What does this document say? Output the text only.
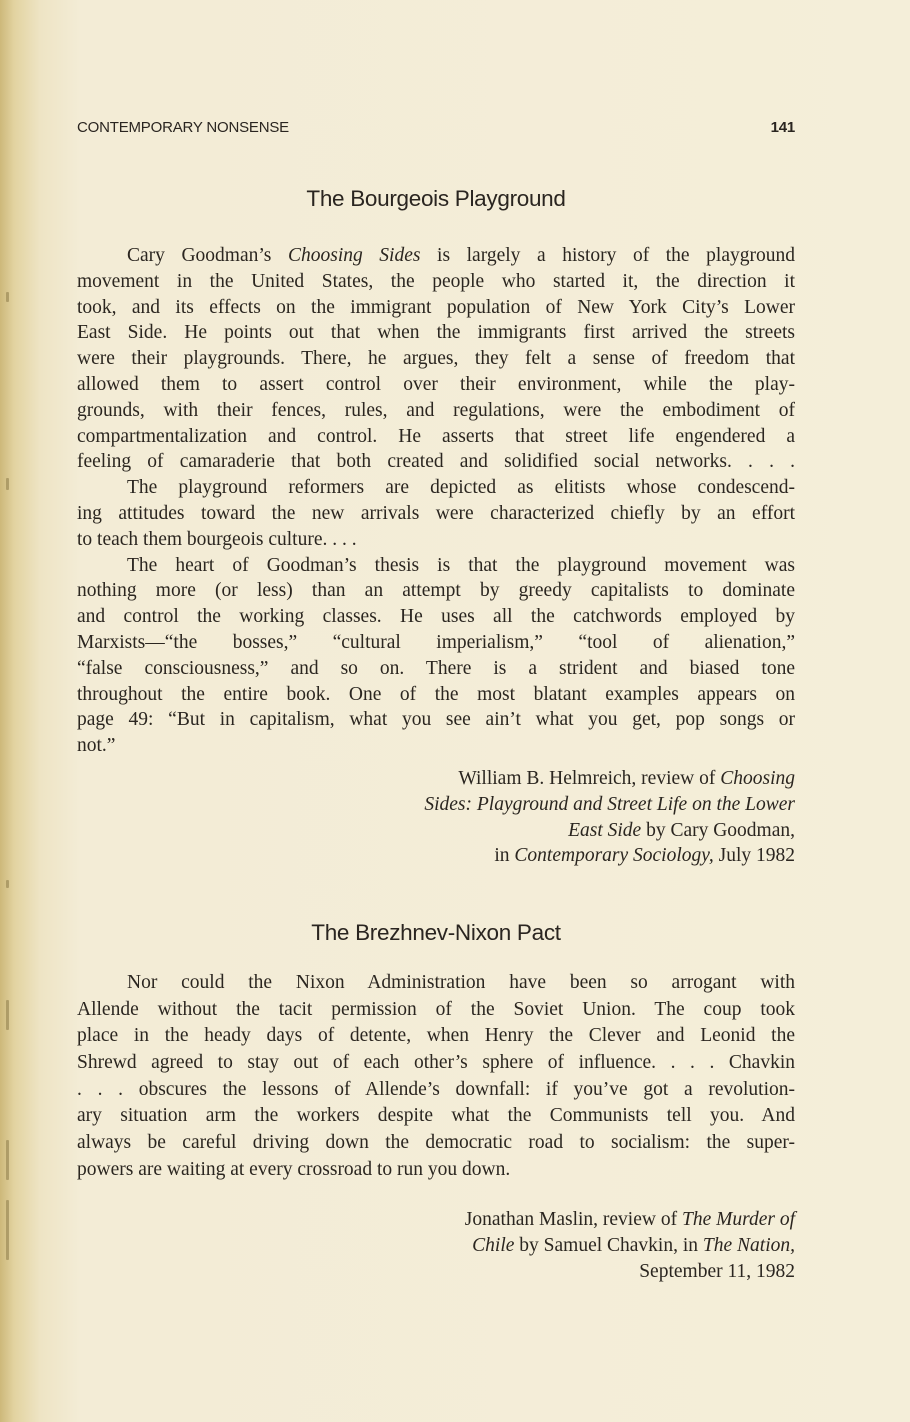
CONTEMPORARY NONSENSE	141
The Bourgeois Playground
Cary Goodman’s Choosing Sides is largely a history of the playground
movement in the United States, the people who started it, the direction it
took, and its effects on the immigrant population of New York City’s Lower
East Side. He points out that when the immigrants first arrived the streets
were their playgrounds. There, he argues, they felt a sense of freedom that
allowed them to assert control over their environment, while the play-
grounds, with their fences, rules, and regulations, were the embodiment of
compartmentalization and control. He asserts that street life engendered a
feeling of camaraderie that both created and solidified social networks. . . .
The playground reformers are depicted as elitists whose condescend-
ing attitudes toward the new arrivals were characterized chiefly by an effort
to teach them bourgeois culture. . . .
The heart of Goodman’s thesis is that the playground movement was
nothing more (or less) than an attempt by greedy capitalists to dominate
and control the working classes. He uses all the catchwords employed by
Marxists—“the bosses,” “cultural imperialism,” “tool of alienation,”
“false consciousness,” and so on. There is a strident and biased tone
throughout the entire book. One of the most blatant examples appears on
page 49: “But in capitalism, what you see ain’t what you get, pop songs or
not.”
William B. Helmreich, review of Choosing
Sides: Playground and Street Life on the Lower
East Side by Cary Goodman,
in Contemporary Sociology, July 1982
The Brezhnev-Nixon Pact
Nor could the Nixon Administration have been so arrogant with
Allende without the tacit permission of the Soviet Union. The coup took
place in the heady days of detente, when Henry the Clever and Leonid the
Shrewd agreed to stay out of each other’s sphere of influence. . . . Chavkin
. . . obscures the lessons of Allende’s downfall: if you’ve got a revolution-
ary situation arm the workers despite what the Communists tell you. And
always be careful driving down the democratic road to socialism: the super-
powers are waiting at every crossroad to run you down.
Jonathan Maslin, review of The Murder of
Chile by Samuel Chavkin, in The Nation,
September 11, 1982
